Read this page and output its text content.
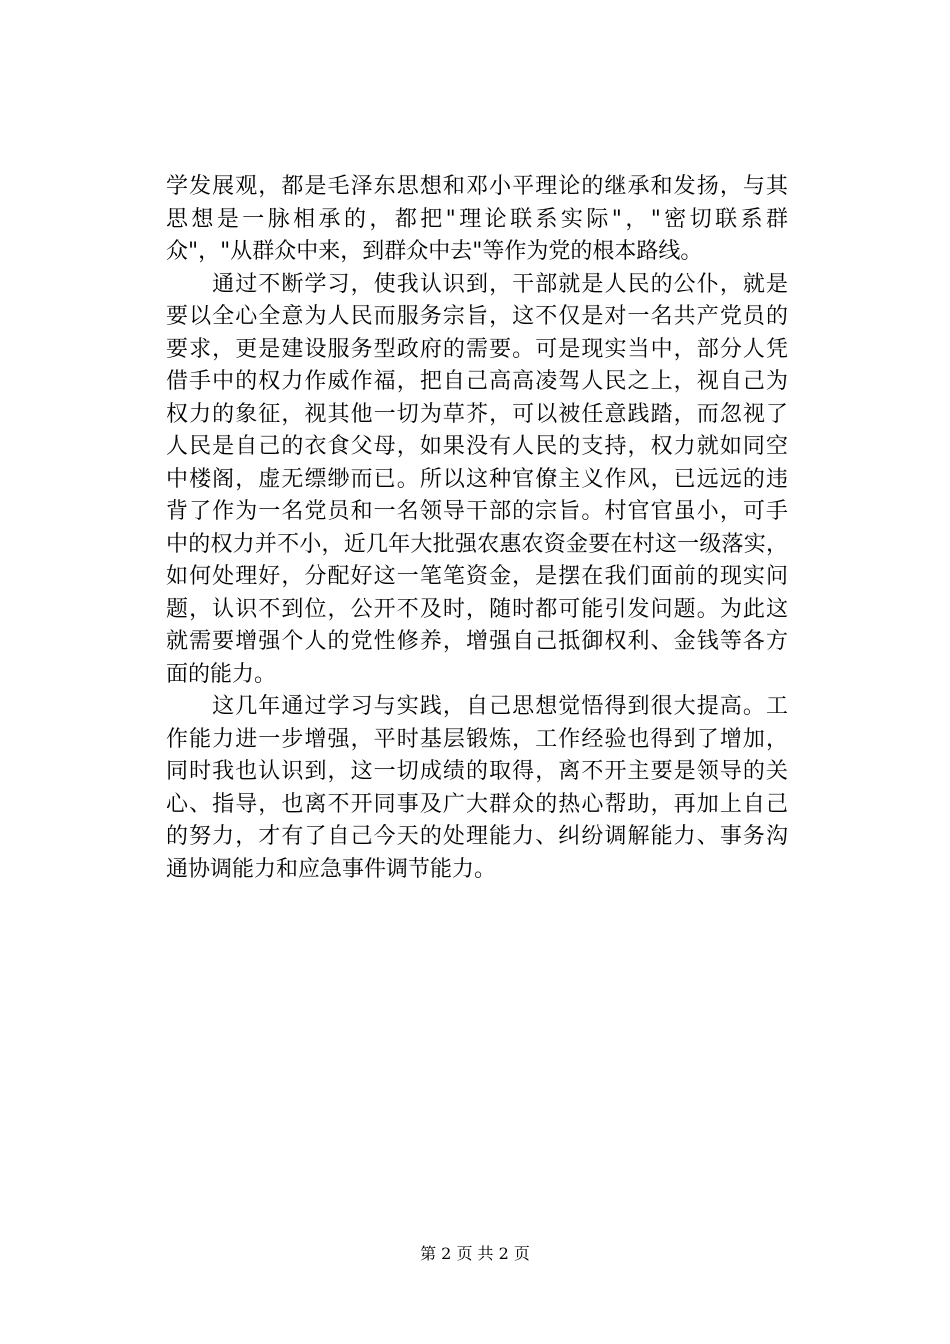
学发展观，都是毛泽东思想和邓小平理论的继承和发扬，与其
思想是一脉相承的，都把"理论联系实际"，"密切联系群
众"，"从群众中来，到群众中去"等作为党的根本路线。
　　通过不断学习，使我认识到，干部就是人民的公仆，就是
要以全心全意为人民而服务宗旨，这不仅是对一名共产党员的
要求，更是建设服务型政府的需要。可是现实当中，部分人凭
借手中的权力作威作福，把自己高高凌驾人民之上，视自己为
权力的象征，视其他一切为草芥，可以被任意践踏，而忽视了
人民是自己的衣食父母，如果没有人民的支持，权力就如同空
中楼阁，虚无缥缈而已。所以这种官僚主义作风，已远远的违
背了作为一名党员和一名领导干部的宗旨。村官官虽小，可手
中的权力并不小，近几年大批强农惠农资金要在村这一级落实，
如何处理好，分配好这一笔笔资金，是摆在我们面前的现实问
题，认识不到位，公开不及时，随时都可能引发问题。为此这
就需要增强个人的党性修养，增强自己抵御权利、金钱等各方
面的能力。
　　这几年通过学习与实践，自己思想觉悟得到很大提高。工
作能力进一步增强，平时基层锻炼，工作经验也得到了增加，
同时我也认识到，这一切成绩的取得，离不开主要是领导的关
心、指导，也离不开同事及广大群众的热心帮助，再加上自己
的努力，才有了自己今天的处理能力、纠纷调解能力、事务沟
通协调能力和应急事件调节能力。
第 2 页 共 2 页
